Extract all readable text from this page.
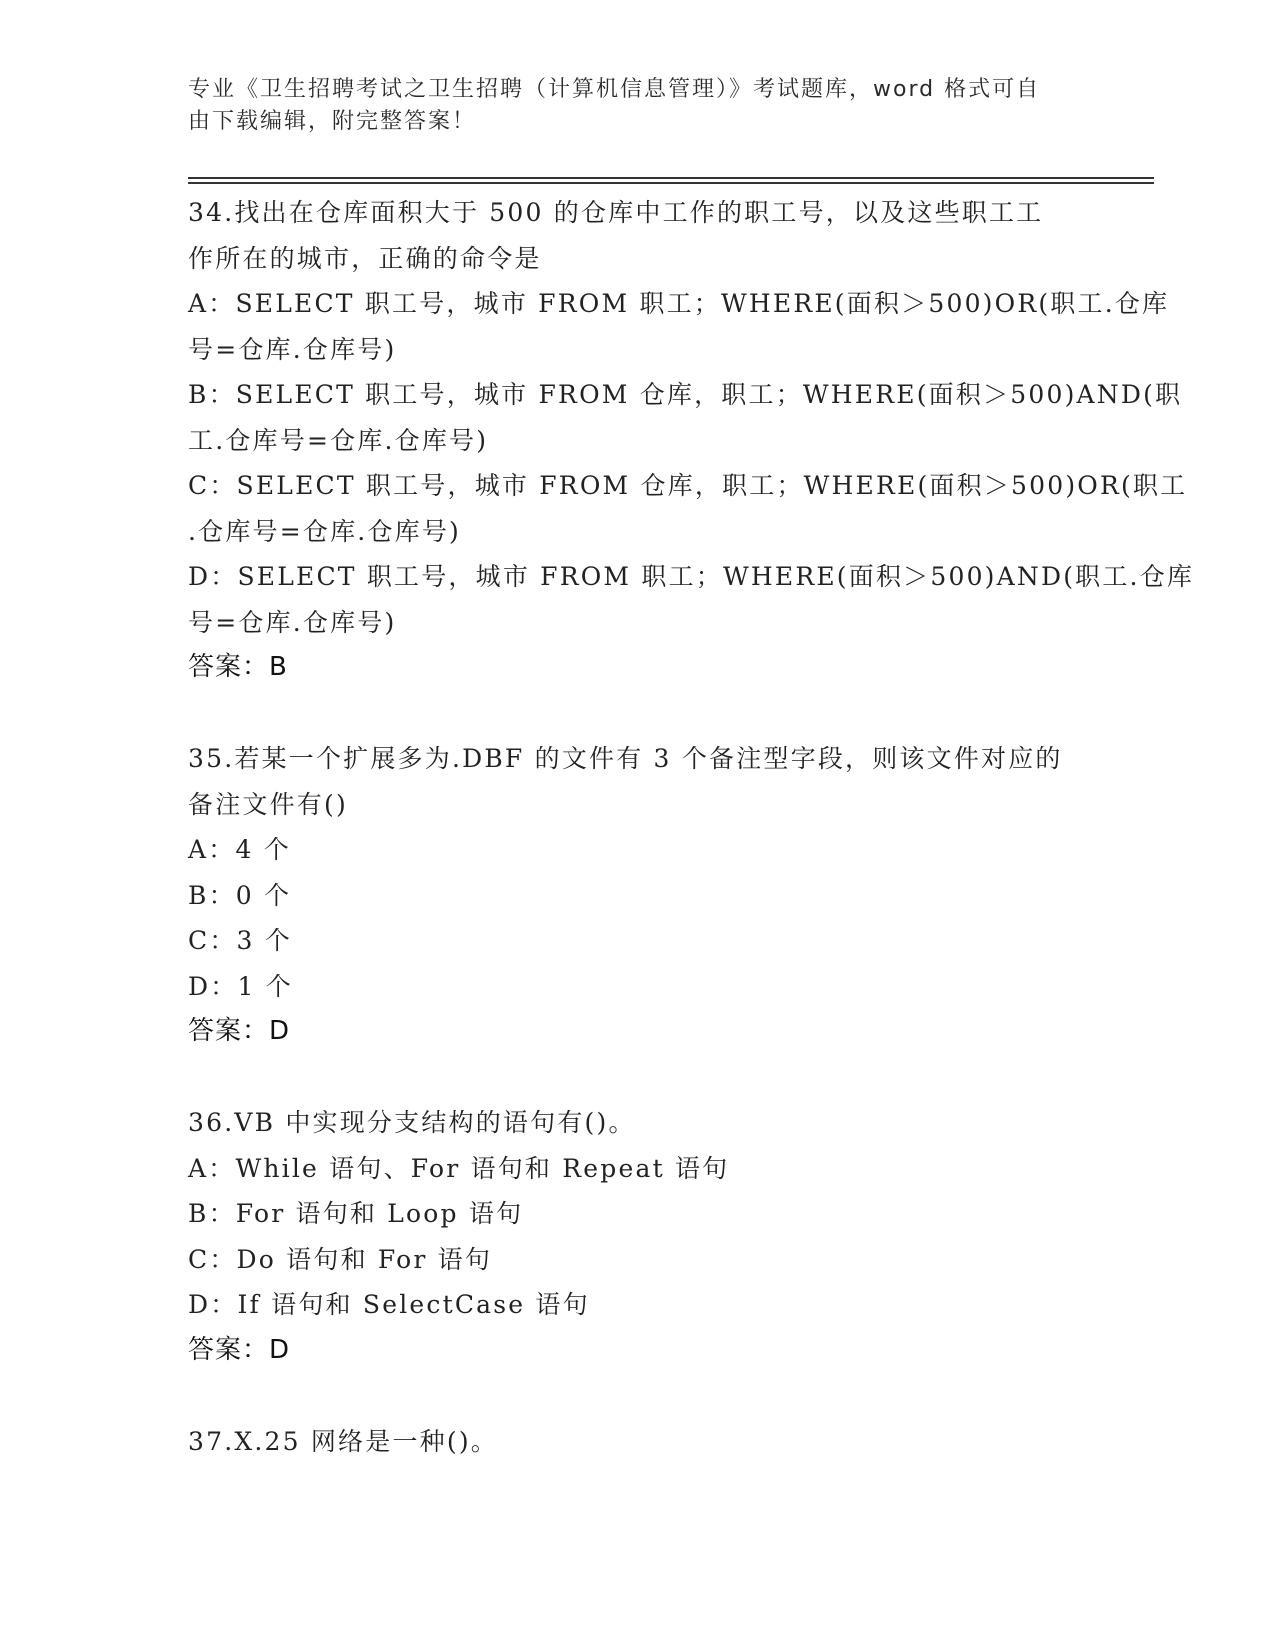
专业《卫生招聘考试之卫生招聘（计算机信息管理）》考试题库，word 格式可自
由下载编辑，附完整答案！
34.找出在仓库面积大于 500 的仓库中工作的职工号，以及这些职工工
作所在的城市，正确的命令是
A：SELECT 职工号，城市 FROM 职工；WHERE(面积＞500)OR(职工.仓库
号=仓库.仓库号)
B：SELECT 职工号，城市 FROM 仓库，职工；WHERE(面积＞500)AND(职
工.仓库号=仓库.仓库号)
C：SELECT 职工号，城市 FROM 仓库，职工；WHERE(面积＞500)OR(职工
.仓库号=仓库.仓库号)
D：SELECT 职工号，城市 FROM 职工；WHERE(面积＞500)AND(职工.仓库
号=仓库.仓库号)
答案：B
35.若某一个扩展多为.DBF 的文件有 3 个备注型字段，则该文件对应的
备注文件有()
A：4 个
B：0 个
C：3 个
D：1 个
答案：D
36.VB 中实现分支结构的语句有()。
A：While 语句、For 语句和 Repeat 语句
B：For 语句和 Loop 语句
C：Do 语句和 For 语句
D：If 语句和 SelectCase 语句
答案：D
37.X.25 网络是一种()。
